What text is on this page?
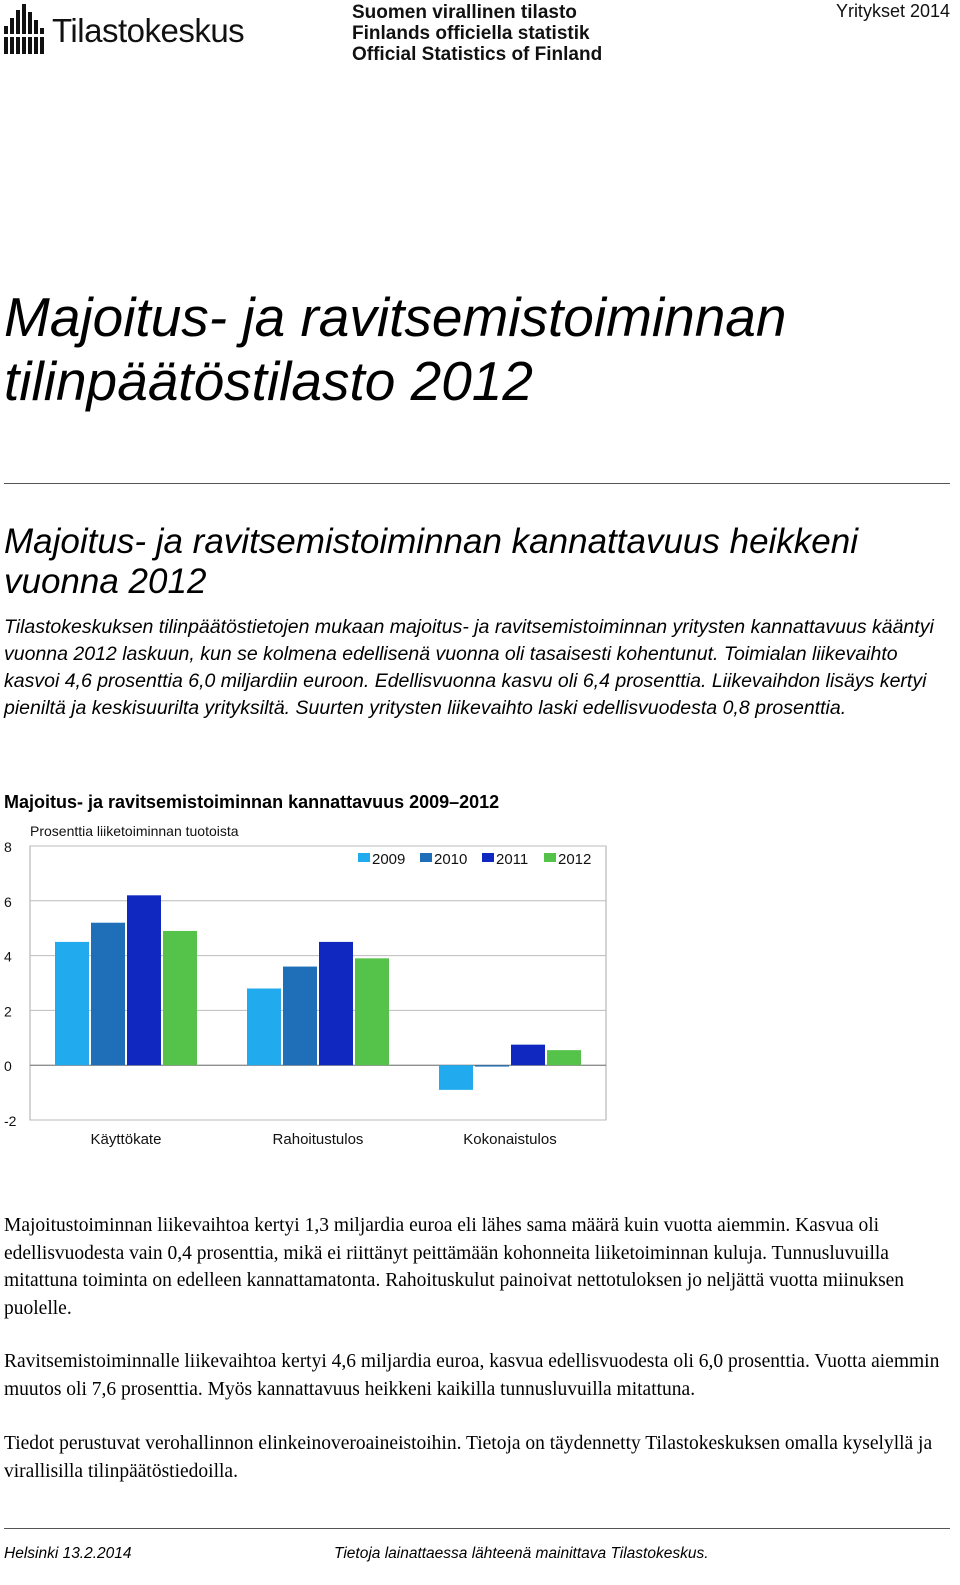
Tilastokeskus	Suomen virallinen tilasto
Finlands officiella statistik
Official Statistics of Finland
Yritykset 2014
Majoitus- ja ravitsemistoiminnan
tilinpäätöstilasto 2012
Majoitus- ja ravitsemistoiminnan kannattavuus heikkeni
vuonna 2012

Tilastokeskuksen tilinpäätöstietojen mukaan majoitus- ja ravitsemistoiminnan yritysten kannattavuus kääntyi vuonna 2012 laskuun, kun se kolmena edellisenä vuonna oli tasaisesti kohentunut. Toimialan liikevaihto kasvoi 4,6 prosenttia 6,0 miljardiin euroon. Edellisvuonna kasvu oli 6,4 prosenttia. Liikevaihdon lisäys kertyi pieniltä ja keskisuurilta yrityksiltä. Suurten yritysten liikevaihto laski edellisvuodesta 0,8 prosenttia.

Majoitus- ja ravitsemistoiminnan kannattavuus 2009–2012
8
6
4
2
0
-2
Prosenttia liiketoiminnan tuotoista
Käyttökate	Rahoitustulos	Kokonaistulos
2009 2010 2011 2012

Majoitustoiminnan liikevaihtoa kertyi 1,3 miljardia euroa eli lähes sama määrä kuin vuotta aiemmin. Kasvua oli edellisvuodesta vain 0,4 prosenttia, mikä ei riittänyt peittämään kohonneita liiketoiminnan kuluja. Tunnusluvuilla mitattuna toiminta on edelleen kannattamatonta. Rahoituskulut painoivat nettotuloksen jo neljättä vuotta miinuksen puolelle.

Ravitsemistoiminnalle liikevaihtoa kertyi 4,6 miljardia euroa, kasvua edellisvuodesta oli 6,0 prosenttia. Vuotta aiemmin muutos oli 7,6 prosenttia. Myös kannattavuus heikkeni kaikilla tunnusluvuilla mitattuna.

Tiedot perustuvat verohallinnon elinkeinoveroaineistoihin. Tietoja on täydennetty Tilastokeskuksen omalla kyselyllä ja virallisilla tilinpäätöstiedoilla.

Helsinki 13.2.2014	Tietoja lainattaessa lähteenä mainittava Tilastokeskus.
